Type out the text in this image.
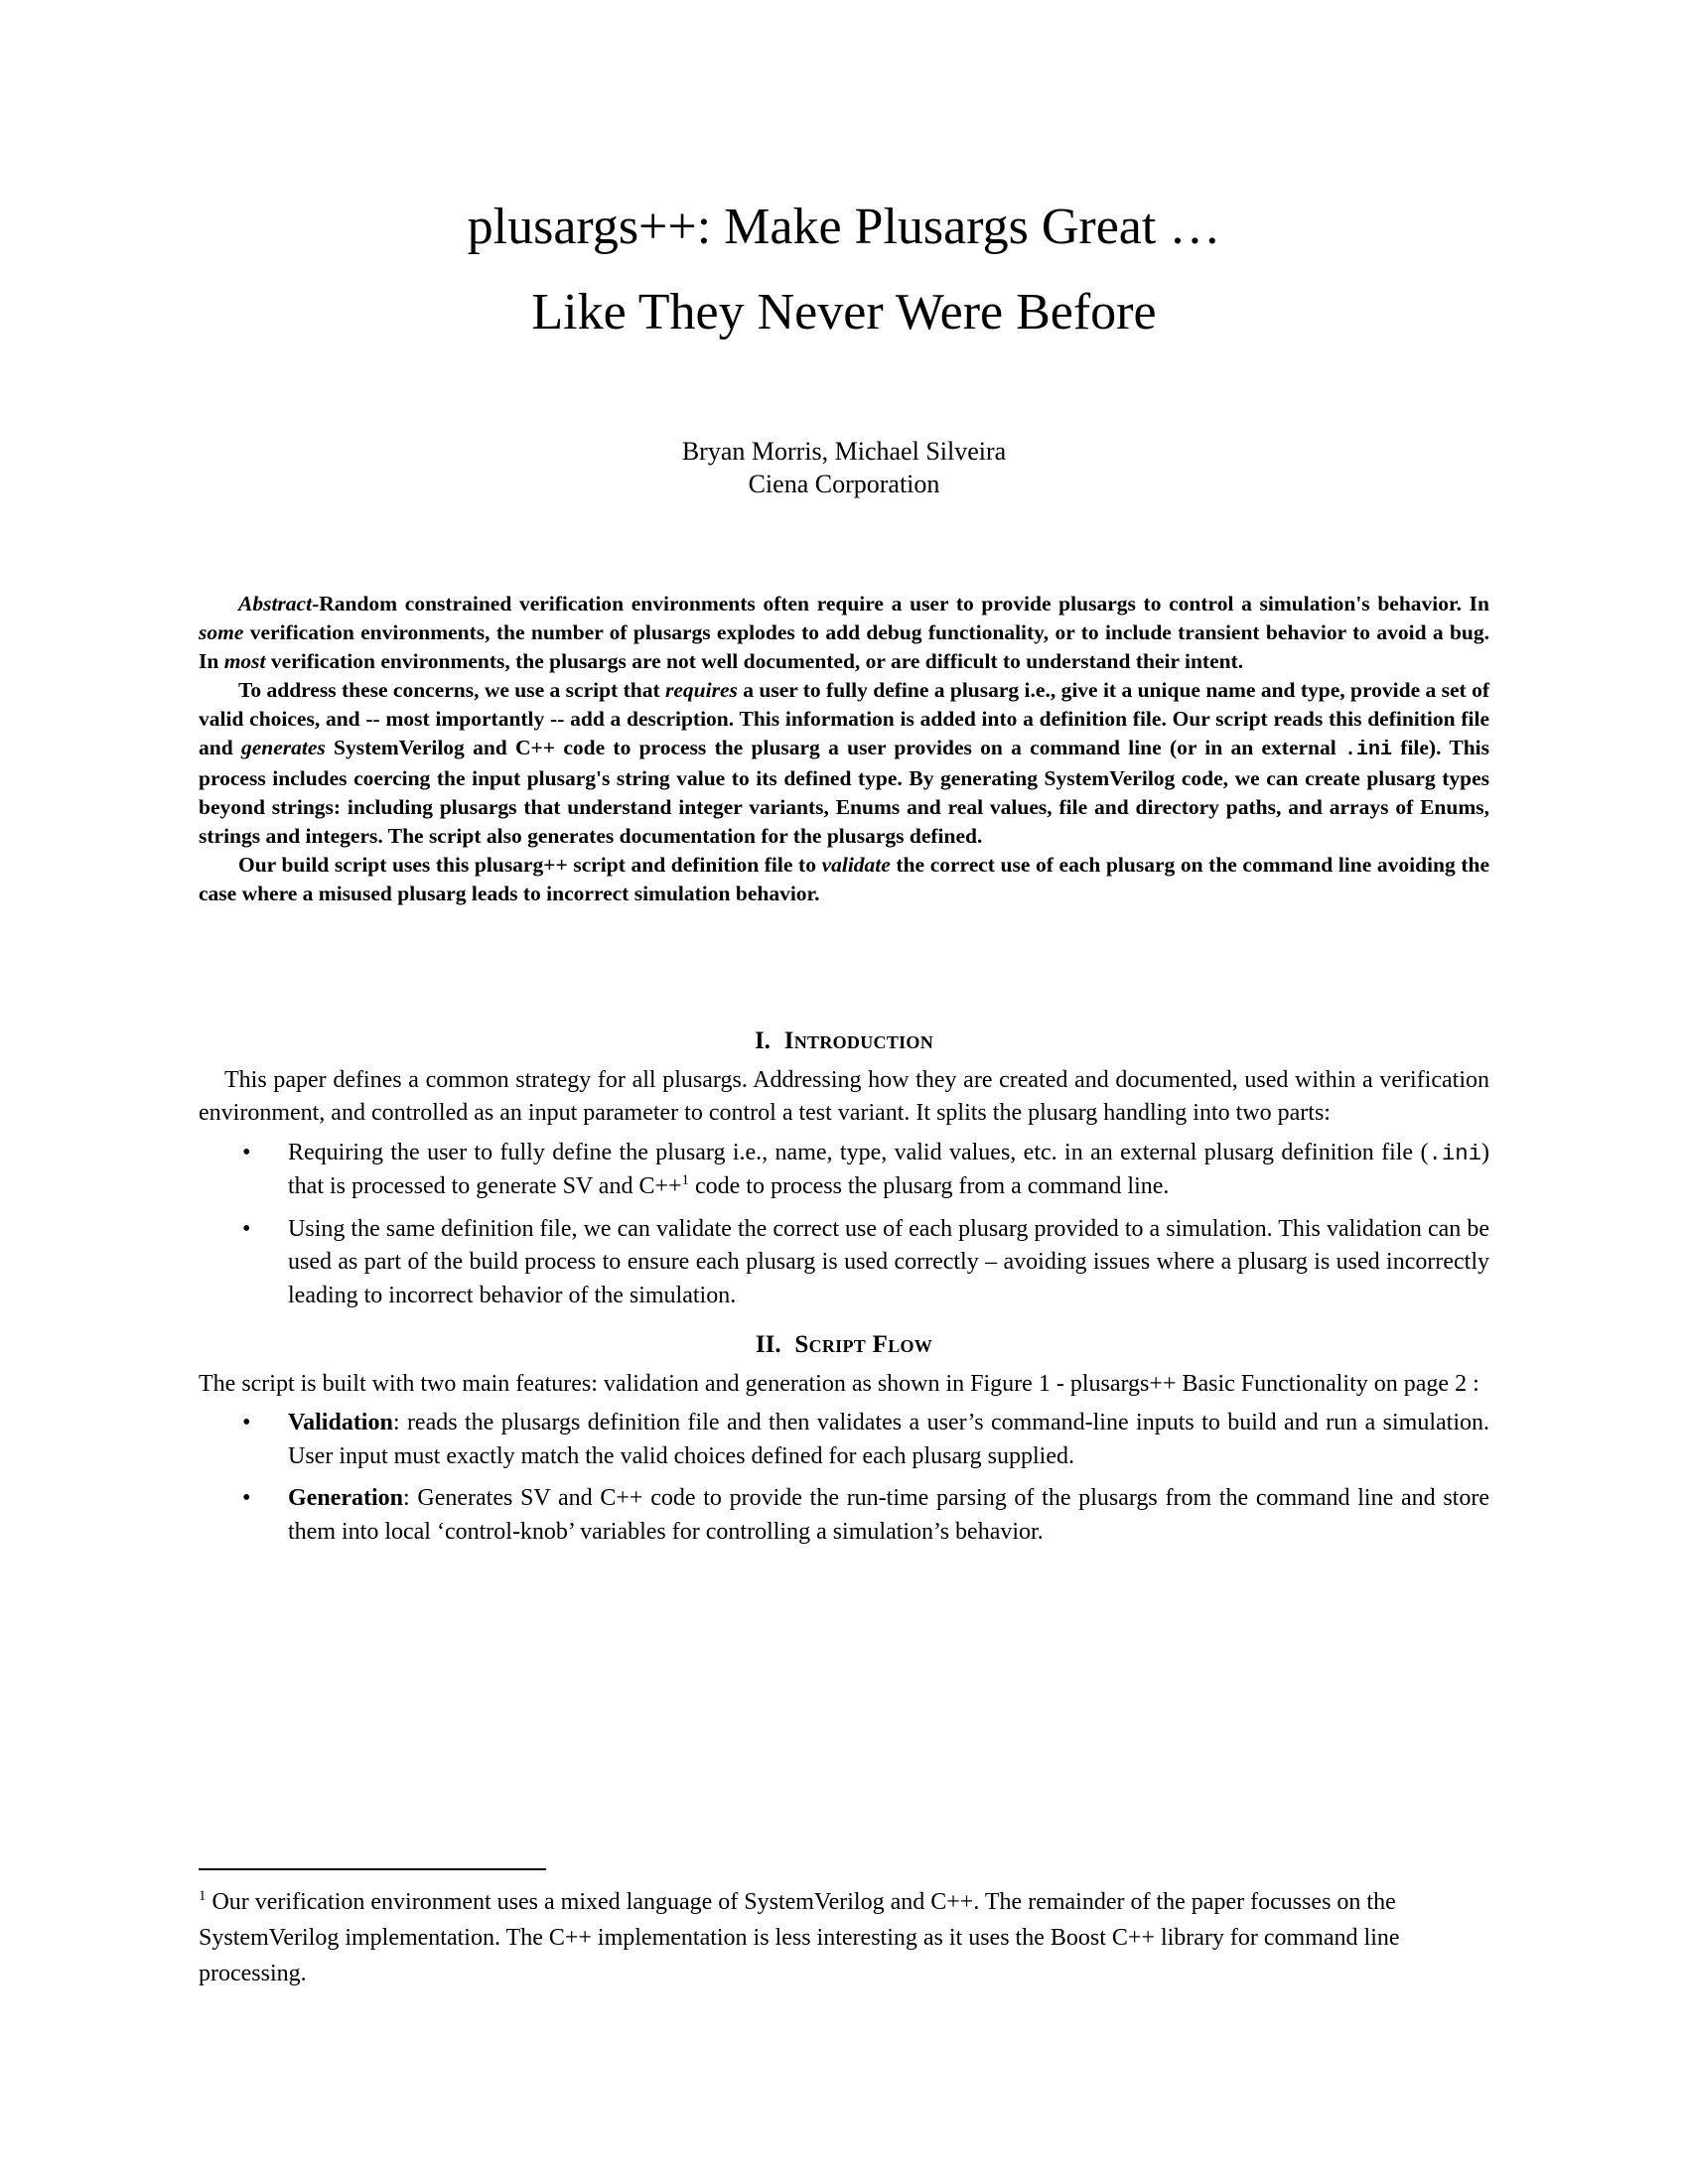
plusargs++: Make Plusargs Great …
Like They Never Were Before
Bryan Morris, Michael Silveira
Ciena Corporation

Abstract-Random constrained verification environments often require a user to provide plusargs to control a simulation's behavior. In some verification environments, the number of plusargs explodes to add debug functionality, or to include transient behavior to avoid a bug. In most verification environments, the plusargs are not well documented, or are difficult to understand their intent.

To address these concerns, we use a script that requires a user to fully define a plusarg i.e., give it a unique name and type, provide a set of valid choices, and -- most importantly -- add a description. This information is added into a definition file. Our script reads this definition file and generates SystemVerilog and C++ code to process the plusarg a user provides on a command line (or in an external .ini file). This process includes coercing the input plusarg's string value to its defined type. By generating SystemVerilog code, we can create plusarg types beyond strings: including plusargs that understand integer variants, Enums and real values, file and directory paths, and arrays of Enums, strings and integers. The script also generates documentation for the plusargs defined.

Our build script uses this plusarg++ script and definition file to validate the correct use of each plusarg on the command line avoiding the case where a misused plusarg leads to incorrect simulation behavior.

I. Introduction

This paper defines a common strategy for all plusargs. Addressing how they are created and documented, used within a verification environment, and controlled as an input parameter to control a test variant. It splits the plusarg handling into two parts:

• Requiring the user to fully define the plusarg i.e., name, type, valid values, etc. in an external plusarg definition file (.ini) that is processed to generate SV and C++$^1$ code to process the plusarg from a command line.
• Using the same definition file, we can validate the correct use of each plusarg provided to a simulation. This validation can be used as part of the build process to ensure each plusarg is used correctly – avoiding issues where a plusarg is used incorrectly leading to incorrect behavior of the simulation.
II. Script Flow

The script is built with two main features: validation and generation as shown in Figure 1 - plusargs++ Basic Functionality on page 2 :

• Validation: reads the plusargs definition file and then validates a user’s command-line inputs to build and run a simulation. User input must exactly match the valid choices defined for each plusarg supplied.
• Generation: Generates SV and C++ code to provide the run-time parsing of the plusargs from the command line and store them into local ‘control-knob’ variables for controlling a simulation’s behavior.

$^1$ Our verification environment uses a mixed language of SystemVerilog and C++. The remainder of the paper focusses on the SystemVerilog implementation. The C++ implementation is less interesting as it uses the Boost C++ library for command line processing.
